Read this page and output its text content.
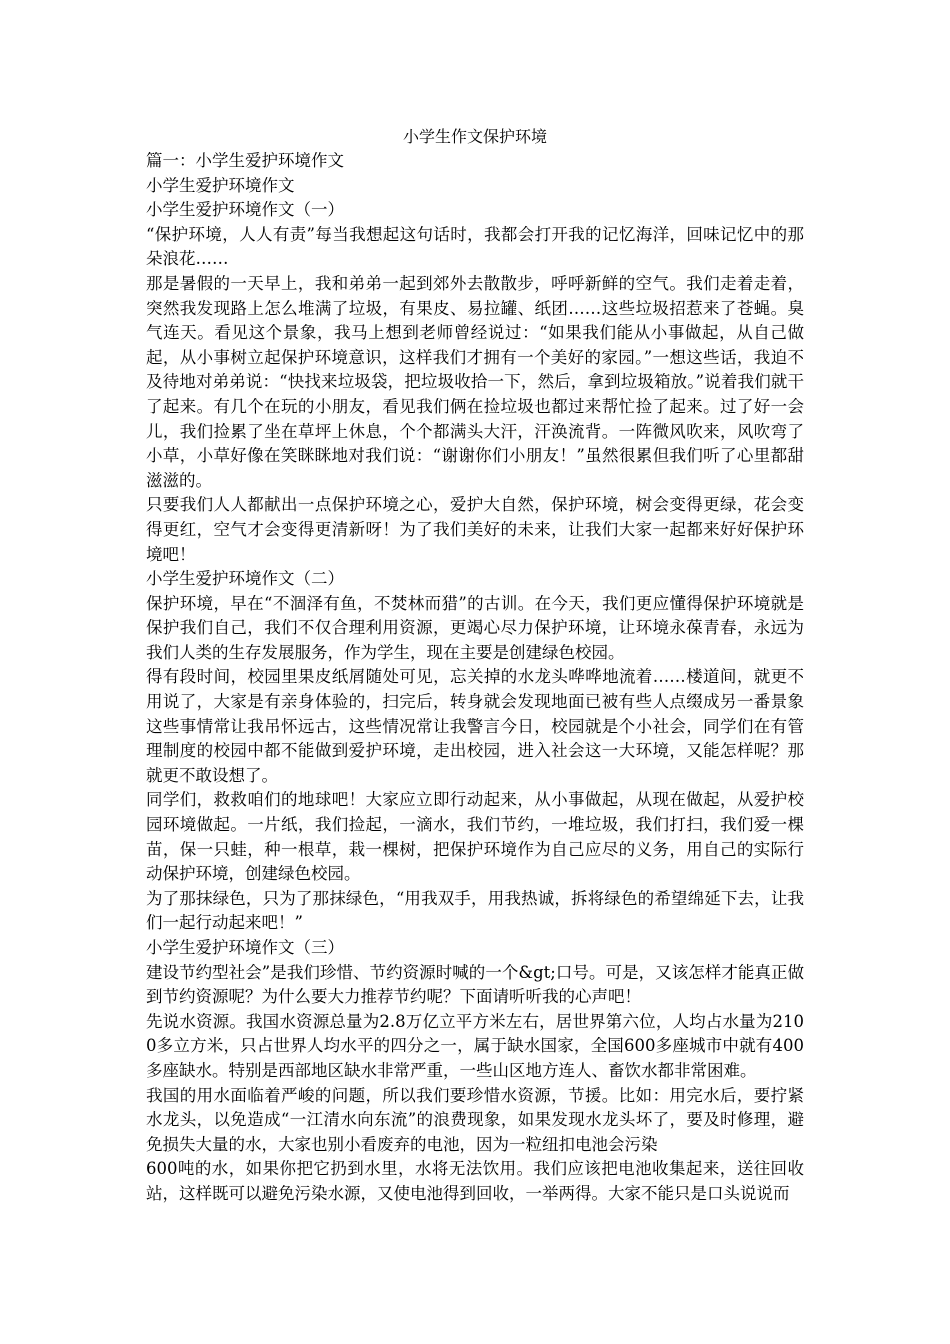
小学生作文保护环境

篇一：小学生爱护环境作文

小学生爱护环境作文

小学生爱护环境作文（一）

“保护环境，人人有责”每当我想起这句话时，我都会打开我的记忆海洋，回味记忆中的那朵浪花……

那是暑假的一天早上，我和弟弟一起到郊外去散散步，呼呼新鲜的空气。我们走着走着，突然我发现路上怎么堆满了垃圾，有果皮、易拉罐、纸团……这些垃圾招惹来了苍蝇。臭气连天。看见这个景象，我马上想到老师曾经说过：“如果我们能从小事做起，从自己做起，从小事树立起保护环境意识，这样我们才拥有一个美好的家园。”一想这些话，我迫不及待地对弟弟说：“快找来垃圾袋，把垃圾收拾一下，然后，拿到垃圾箱放。”说着我们就干了起来。有几个在玩的小朋友，看见我们俩在捡垃圾也都过来帮忙捡了起来。过了好一会儿，我们捡累了坐在草坪上休息，个个都满头大汗，汗涣流背。一阵微风吹来，风吹弯了小草，小草好像在笑眯眯地对我们说：“谢谢你们小朋友！”虽然很累但我们听了心里都甜滋滋的。

只要我们人人都献出一点保护环境之心，爱护大自然，保护环境，树会变得更绿，花会变得更红，空气才会变得更清新呀！为了我们美好的未来，让我们大家一起都来好好保护环境吧！

小学生爱护环境作文（二）

保护环境，早在“不涸泽有鱼，不焚林而猎”的古训。在今天，我们更应懂得保护环境就是保护我们自己，我们不仅合理利用资源，更竭心尽力保护环境，让环境永葆青春，永远为我们人类的生存发展服务，作为学生，现在主要是创建绿色校园。

得有段时间，校园里果皮纸屑随处可见，忘关掉的水龙头哗哗地流着……楼道间，就更不用说了，大家是有亲身体验的，扫完后，转身就会发现地面已被有些人点缀成另一番景象这些事情常让我吊怀远古，这些情况常让我警言今日，校园就是个小社会，同学们在有管理制度的校园中都不能做到爱护环境，走出校园，进入社会这一大环境，又能怎样呢？那就更不敢设想了。

同学们，救救咱们的地球吧！大家应立即行动起来，从小事做起，从现在做起，从爱护校园环境做起。一片纸，我们捡起，一滴水，我们节约，一堆垃圾，我们打扫，我们爱一棵苗，保一只蛙，种一根草，栽一棵树，把保护环境作为自己应尽的义务，用自己的实际行动保护环境，创建绿色校园。

为了那抹绿色，只为了那抹绿色，“用我双手，用我热诚，拆将绿色的希望绵延下去，让我们一起行动起来吧！”

小学生爱护环境作文（三）

建设节约型社会”是我们珍惜、节约资源时喊的一个&gt;口号。可是，又该怎样才能真正做到节约资源呢？为什么要大力推荐节约呢？下面请听听我的心声吧！

先说水资源。我国水资源总量为2.8万亿立平方米左右，居世界第六位，人均占水量为2100多立方米，只占世界人均水平的四分之一，属于缺水国家，全国600多座城市中就有400多座缺水。特别是西部地区缺水非常严重，一些山区地方连人、畜饮水都非常困难。

我国的用水面临着严峻的问题，所以我们要珍惜水资源，节援。比如：用完水后，要拧紧水龙头，以免造成“一江清水向东流”的浪费现象，如果发现水龙头坏了，要及时修理，避免损失大量的水，大家也别小看废弃的电池，因为一粒纽扣电池会污染

600吨的水，如果你把它扔到水里，水将无法饮用。我们应该把电池收集起来，送往回收站，这样既可以避免污染水源，又使电池得到回收，一举两得。大家不能只是口头说说而
